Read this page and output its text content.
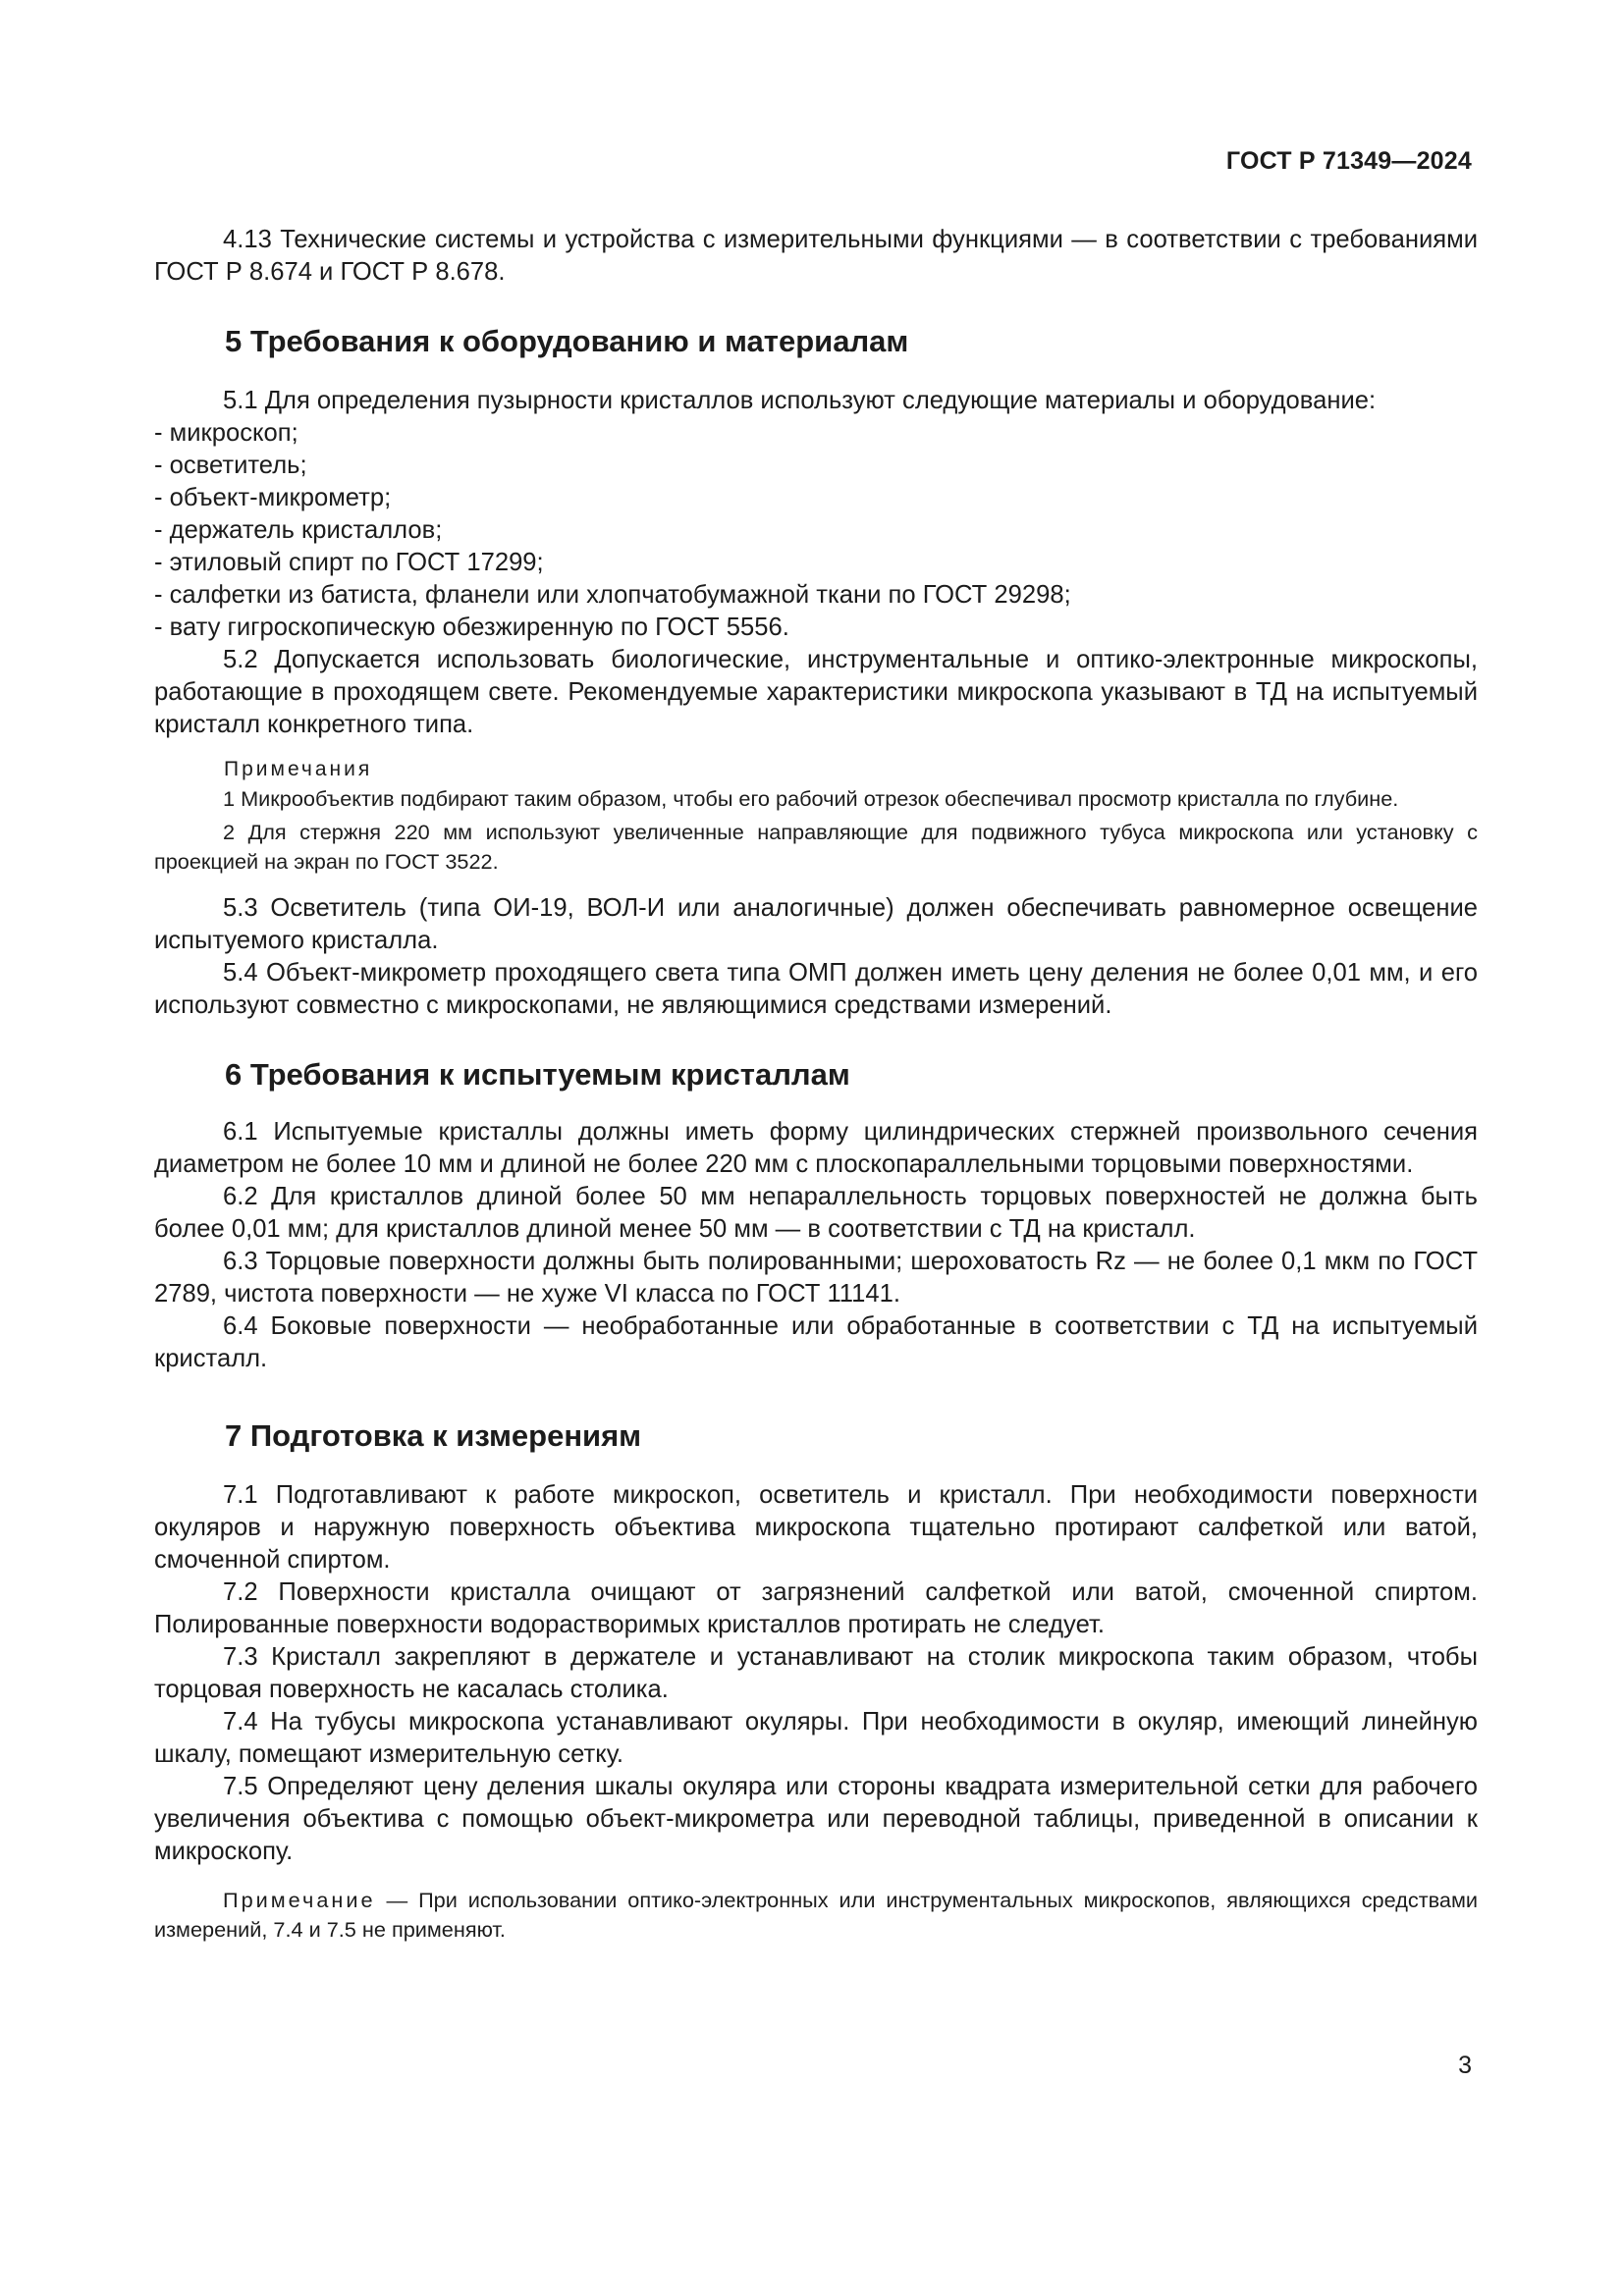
ГОСТ Р 71349—2024

4.13 Технические системы и устройства с измерительными функциями — в соответствии с требованиями ГОСТ Р 8.674 и ГОСТ Р 8.678.

5 Требования к оборудованию и материалам

5.1 Для определения пузырности кристаллов используют следующие материалы и оборудование:

- микроскоп;

- осветитель;

- объект-микрометр;

- держатель кристаллов;

- этиловый спирт по ГОСТ 17299;

- салфетки из батиста, фланели или хлопчатобумажной ткани по ГОСТ 29298;

- вату гигроскопическую обезжиренную по ГОСТ 5556.

5.2 Допускается использовать биологические, инструментальные и оптико-электронные микроскопы, работающие в проходящем свете. Рекомендуемые характеристики микроскопа указывают в ТД на испытуемый кристалл конкретного типа.

Примечания

1 Микрообъектив подбирают таким образом, чтобы его рабочий отрезок обеспечивал просмотр кристалла по глубине.

2 Для стержня 220 мм используют увеличенные направляющие для подвижного тубуса микроскопа или установку с проекцией на экран по ГОСТ 3522.

5.3 Осветитель (типа ОИ-19, ВОЛ-И или аналогичные) должен обеспечивать равномерное освещение испытуемого кристалла.

5.4 Объект-микрометр проходящего света типа ОМП должен иметь цену деления не более 0,01 мм, и его используют совместно с микроскопами, не являющимися средствами измерений.

6 Требования к испытуемым кристаллам

6.1 Испытуемые кристаллы должны иметь форму цилиндрических стержней произвольного сечения диаметром не более 10 мм и длиной не более 220 мм с плоскопараллельными торцовыми поверхностями.

6.2 Для кристаллов длиной более 50 мм непараллельность торцовых поверхностей не должна быть более 0,01 мм; для кристаллов длиной менее 50 мм — в соответствии с ТД на кристалл.

6.3 Торцовые поверхности должны быть полированными; шероховатость Rz — не более 0,1 мкм по ГОСТ 2789, чистота поверхности — не хуже VI класса по ГОСТ 11141.

6.4 Боковые поверхности — необработанные или обработанные в соответствии с ТД на испытуемый кристалл.

7 Подготовка к измерениям

7.1 Подготавливают к работе микроскоп, осветитель и кристалл. При необходимости поверхности окуляров и наружную поверхность объектива микроскопа тщательно протирают салфеткой или ватой, смоченной спиртом.

7.2 Поверхности кристалла очищают от загрязнений салфеткой или ватой, смоченной спиртом. Полированные поверхности водорастворимых кристаллов протирать не следует.

7.3 Кристалл закрепляют в держателе и устанавливают на столик микроскопа таким образом, чтобы торцовая поверхность не касалась столика.

7.4 На тубусы микроскопа устанавливают окуляры. При необходимости в окуляр, имеющий линейную шкалу, помещают измерительную сетку.

7.5 Определяют цену деления шкалы окуляра или стороны квадрата измерительной сетки для рабочего увеличения объектива с помощью объект-микрометра или переводной таблицы, приведенной в описании к микроскопу.

Примечание — При использовании оптико-электронных или инструментальных микроскопов, являющихся средствами измерений, 7.4 и 7.5 не применяют.

3
